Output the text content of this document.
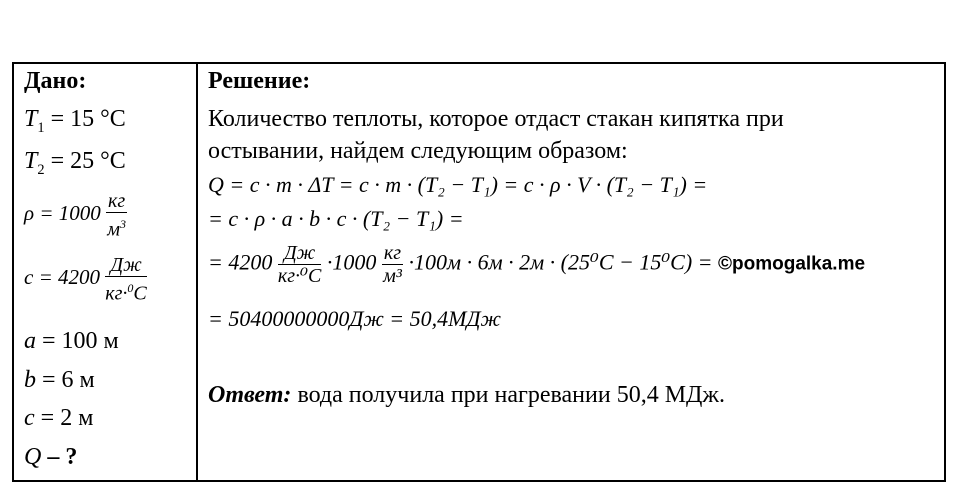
Дано:
$T_1 = 15$ °C
$T_2 = 25$ °C
$\rho = 1000 \frac{кг}{м^3}$
$c = 4200 \frac{Дж}{кг\cdot^0C}$
a = 100 м
b = 6 м
c = 2 м
Q – ?
Решение:
Количество теплоты, которое отдаст стакан кипятка при
остывании, найдем следующим образом:
Q = c · m · ΔT = c · m · (T₂ − T₁) = c · ρ · V · (T₂ − T₁) =
= c · ρ · a · b · c · (T₂ − T₁) =
= $4200 \frac{Дж}{\text{кг·⁰C}} \cdot 1000 \frac{кг}{\text{м³}} \cdot 100м \cdot 6м \cdot 2м \cdot (25^0C - 15^0C)$ = ©pomogalka.me
= 50400000000Дж = 50,4МДж
Ответ: вода получила при нагревании 50,4 МДж.
